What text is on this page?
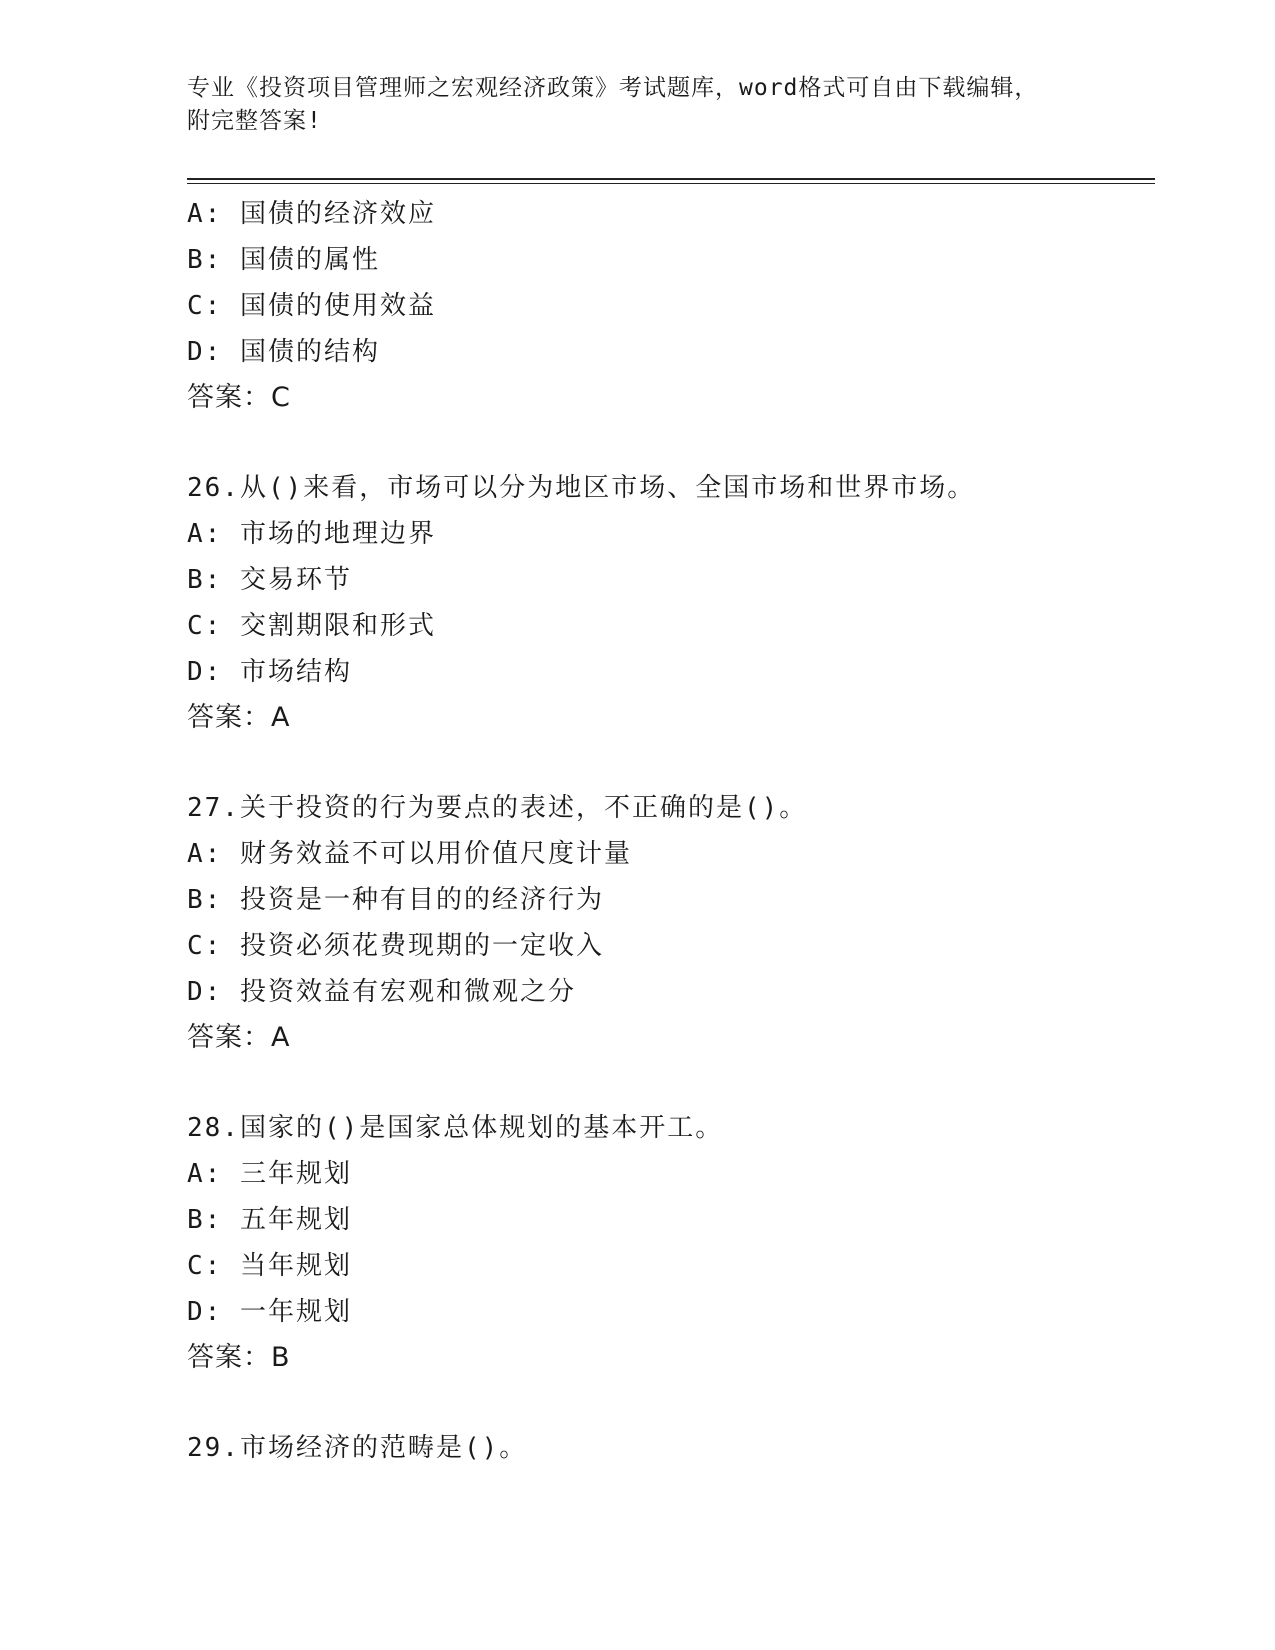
专业《投资项目管理师之宏观经济政策》考试题库，word格式可自由下载编辑，
附完整答案!
A: 国债的经济效应
B: 国债的属性
C: 国债的使用效益
D: 国债的结构
答案：C
26.从()来看，市场可以分为地区市场、全国市场和世界市场。
A: 市场的地理边界
B: 交易环节
C: 交割期限和形式
D: 市场结构
答案：A
27.关于投资的行为要点的表述，不正确的是()。
A: 财务效益不可以用价值尺度计量
B: 投资是一种有目的的经济行为
C: 投资必须花费现期的一定收入
D: 投资效益有宏观和微观之分
答案：A
28.国家的()是国家总体规划的基本开工。
A: 三年规划
B: 五年规划
C: 当年规划
D: 一年规划
答案：B
29.市场经济的范畴是()。
